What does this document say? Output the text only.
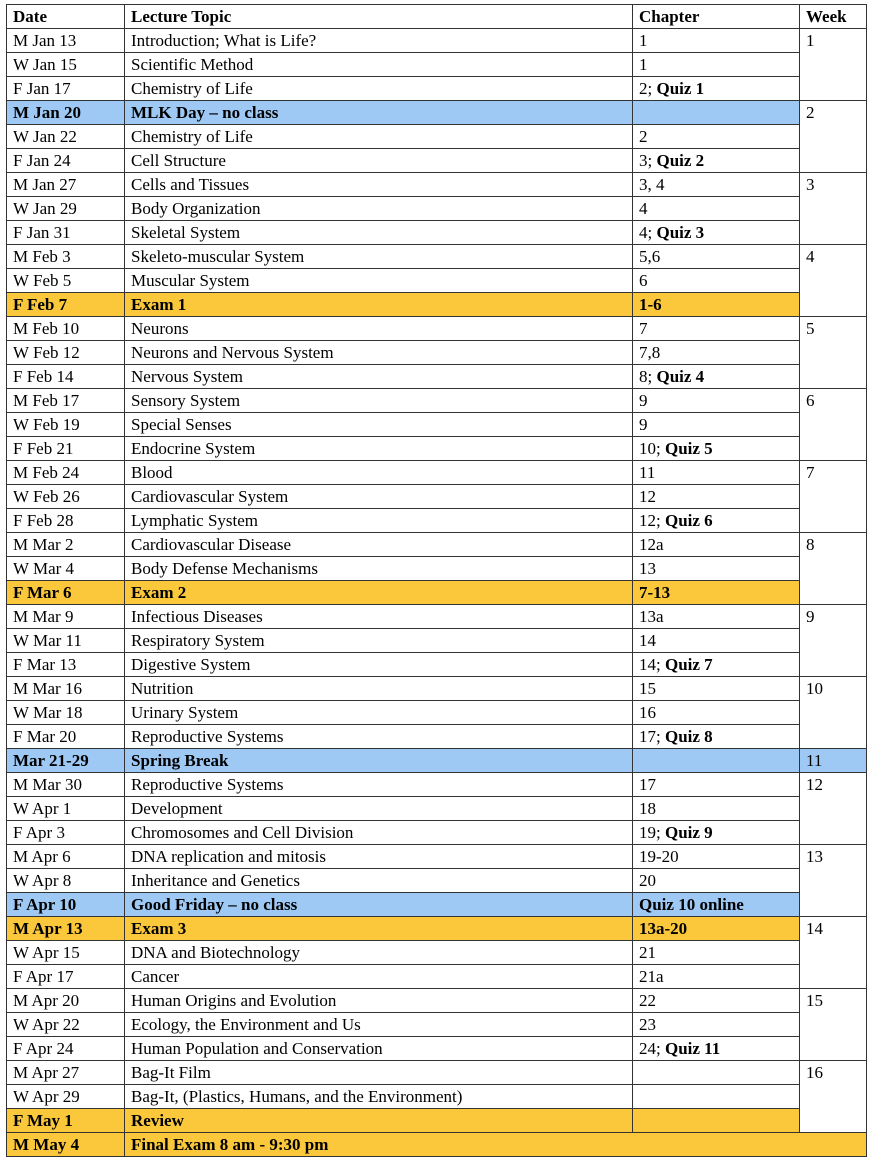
Date	Lecture Topic	Chapter	Week
M Jan 13	Introduction; What is Life?	1	1
W Jan 15	Scientific Method	1	
F Jan 17	Chemistry of Life	2; Quiz 1	
M Jan 20	MLK Day – no class		2
W Jan 22	Chemistry of Life	2	
F Jan 24	Cell Structure	3; Quiz 2	
M Jan 27	Cells and Tissues	3, 4	3
W Jan 29	Body Organization	4	
F Jan 31	Skeletal System	4; Quiz 3	
M Feb 3	Skeleto-muscular System	5,6	4
W Feb 5	Muscular System	6	
F Feb 7	Exam 1	1-6	
M Feb 10	Neurons	7	5
W Feb 12	Neurons and Nervous System	7,8	
F Feb 14	Nervous System	8; Quiz 4	
M Feb 17	Sensory System	9	6
W Feb 19	Special Senses	9	
F Feb 21	Endocrine System	10; Quiz 5	
M Feb 24	Blood	11	7
W Feb 26	Cardiovascular System	12	
F Feb 28	Lymphatic System	12; Quiz 6	
M Mar 2	Cardiovascular Disease	12a	8
W Mar 4	Body Defense Mechanisms	13	
F Mar 6	Exam 2	7-13	
M Mar 9	Infectious Diseases	13a	9
W Mar 11	Respiratory System	14	
F Mar 13	Digestive System	14; Quiz 7	
M Mar 16	Nutrition	15	10
W Mar 18	Urinary System	16	
F Mar 20	Reproductive Systems	17; Quiz 8	
Mar 21-29	Spring Break		11
M Mar 30	Reproductive Systems	17	12
W Apr 1	Development	18	
F Apr 3	Chromosomes and Cell Division	19; Quiz 9	
M Apr 6	DNA replication and mitosis	19-20	13
W Apr 8	Inheritance and Genetics	20	
F Apr 10	Good Friday – no class	Quiz 10 online	
M Apr 13	Exam 3	13a-20	14
W Apr 15	DNA and Biotechnology	21	
F Apr 17	Cancer	21a	
M Apr 20	Human Origins and Evolution	22	15
W Apr 22	Ecology, the Environment and Us	23	
F Apr 24	Human Population and Conservation	24; Quiz 11	
M Apr 27	Bag-It Film		16
W Apr 29	Bag-It, (Plastics, Humans, and the Environment)		
F May 1	Review		
M May 4	Final Exam 8 am - 9:30 pm		
